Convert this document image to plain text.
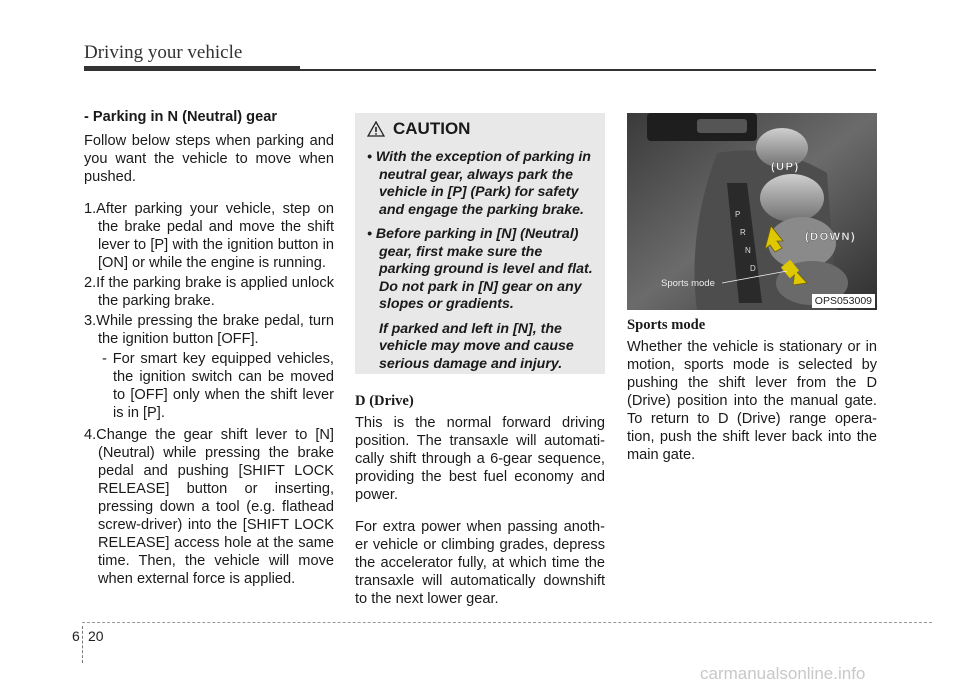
Driving your vehicle

- Parking in N (Neutral) gear

Follow below steps when parking and you want the vehicle to move when pushed.

1.After parking your vehicle, step on the brake pedal and move the shift lever to [P] with the ignition button in [ON] or while the engine is running.

2.If the parking brake is applied unlock the parking brake.

3.While pressing the brake pedal, turn the ignition button [OFF].

- For smart key equipped vehicles, the ignition switch can be moved to [OFF] only when the shift lever is in [P].

4.Change the gear shift lever to [N] (Neutral) while pressing the brake pedal and pushing [SHIFT LOCK RELEASE] button or inserting, pressing down a tool (e.g. flathead screw-driver) into the [SHIFT LOCK RELEASE] access hole at the same time. Then, the vehicle will move when external force is applied.

CAUTION

• With the exception of parking in neutral gear, always park the vehicle in [P] (Park) for safety and engage the parking brake.

• Before parking in [N] (Neutral) gear, first make sure the parking ground is level and flat. Do not park in [N] gear on any slopes or gradients.

If parked and left in [N], the vehicle may move and cause serious damage and injury.

D (Drive)

This is the normal forward driving position. The transaxle will automati-cally shift through a 6-gear sequence, providing the best fuel economy and power.

For extra power when passing anoth-er vehicle or climbing grades, depress the accelerator fully, at which time the transaxle will automatically downshift to the next lower gear.

P
R
N
D
(UP)
(DOWN)
Sports mode
OPS053009

Sports mode

Whether the vehicle is stationary or in motion, sports mode is selected by pushing the shift lever from the D (Drive) position into the manual gate. To return to D (Drive) range opera-tion, push the shift lever back into the main gate.

6 20
carmanualsonline.info
